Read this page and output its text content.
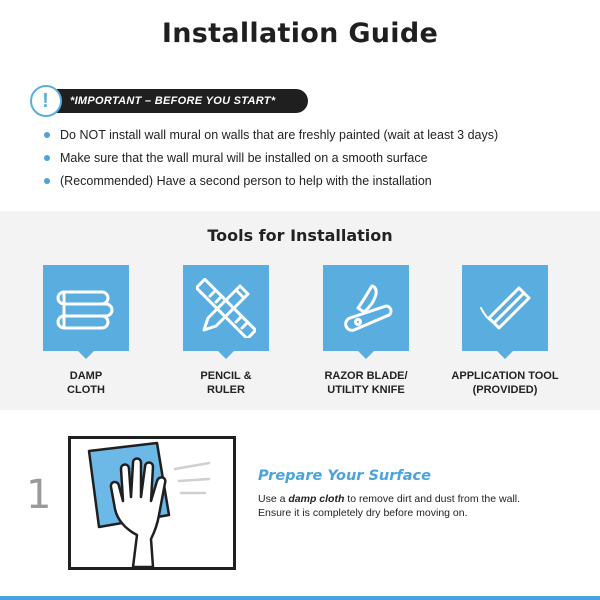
Installation Guide
*IMPORTANT – BEFORE YOU START*
!
Do NOT install wall mural on walls that are freshly painted (wait at least 3 days)
Make sure that the wall mural will be installed on a smooth surface
(Recommended) Have a second person to help with the installation
Tools for Installation
DAMP
CLOTH
PENCIL &
RULER
RAZOR BLADE/
UTILITY KNIFE
APPLICATION TOOL
(PROVIDED)
1	Prepare Your Surface
Use a damp cloth to remove dirt and dust from the wall.
Ensure it is completely dry before moving on.
